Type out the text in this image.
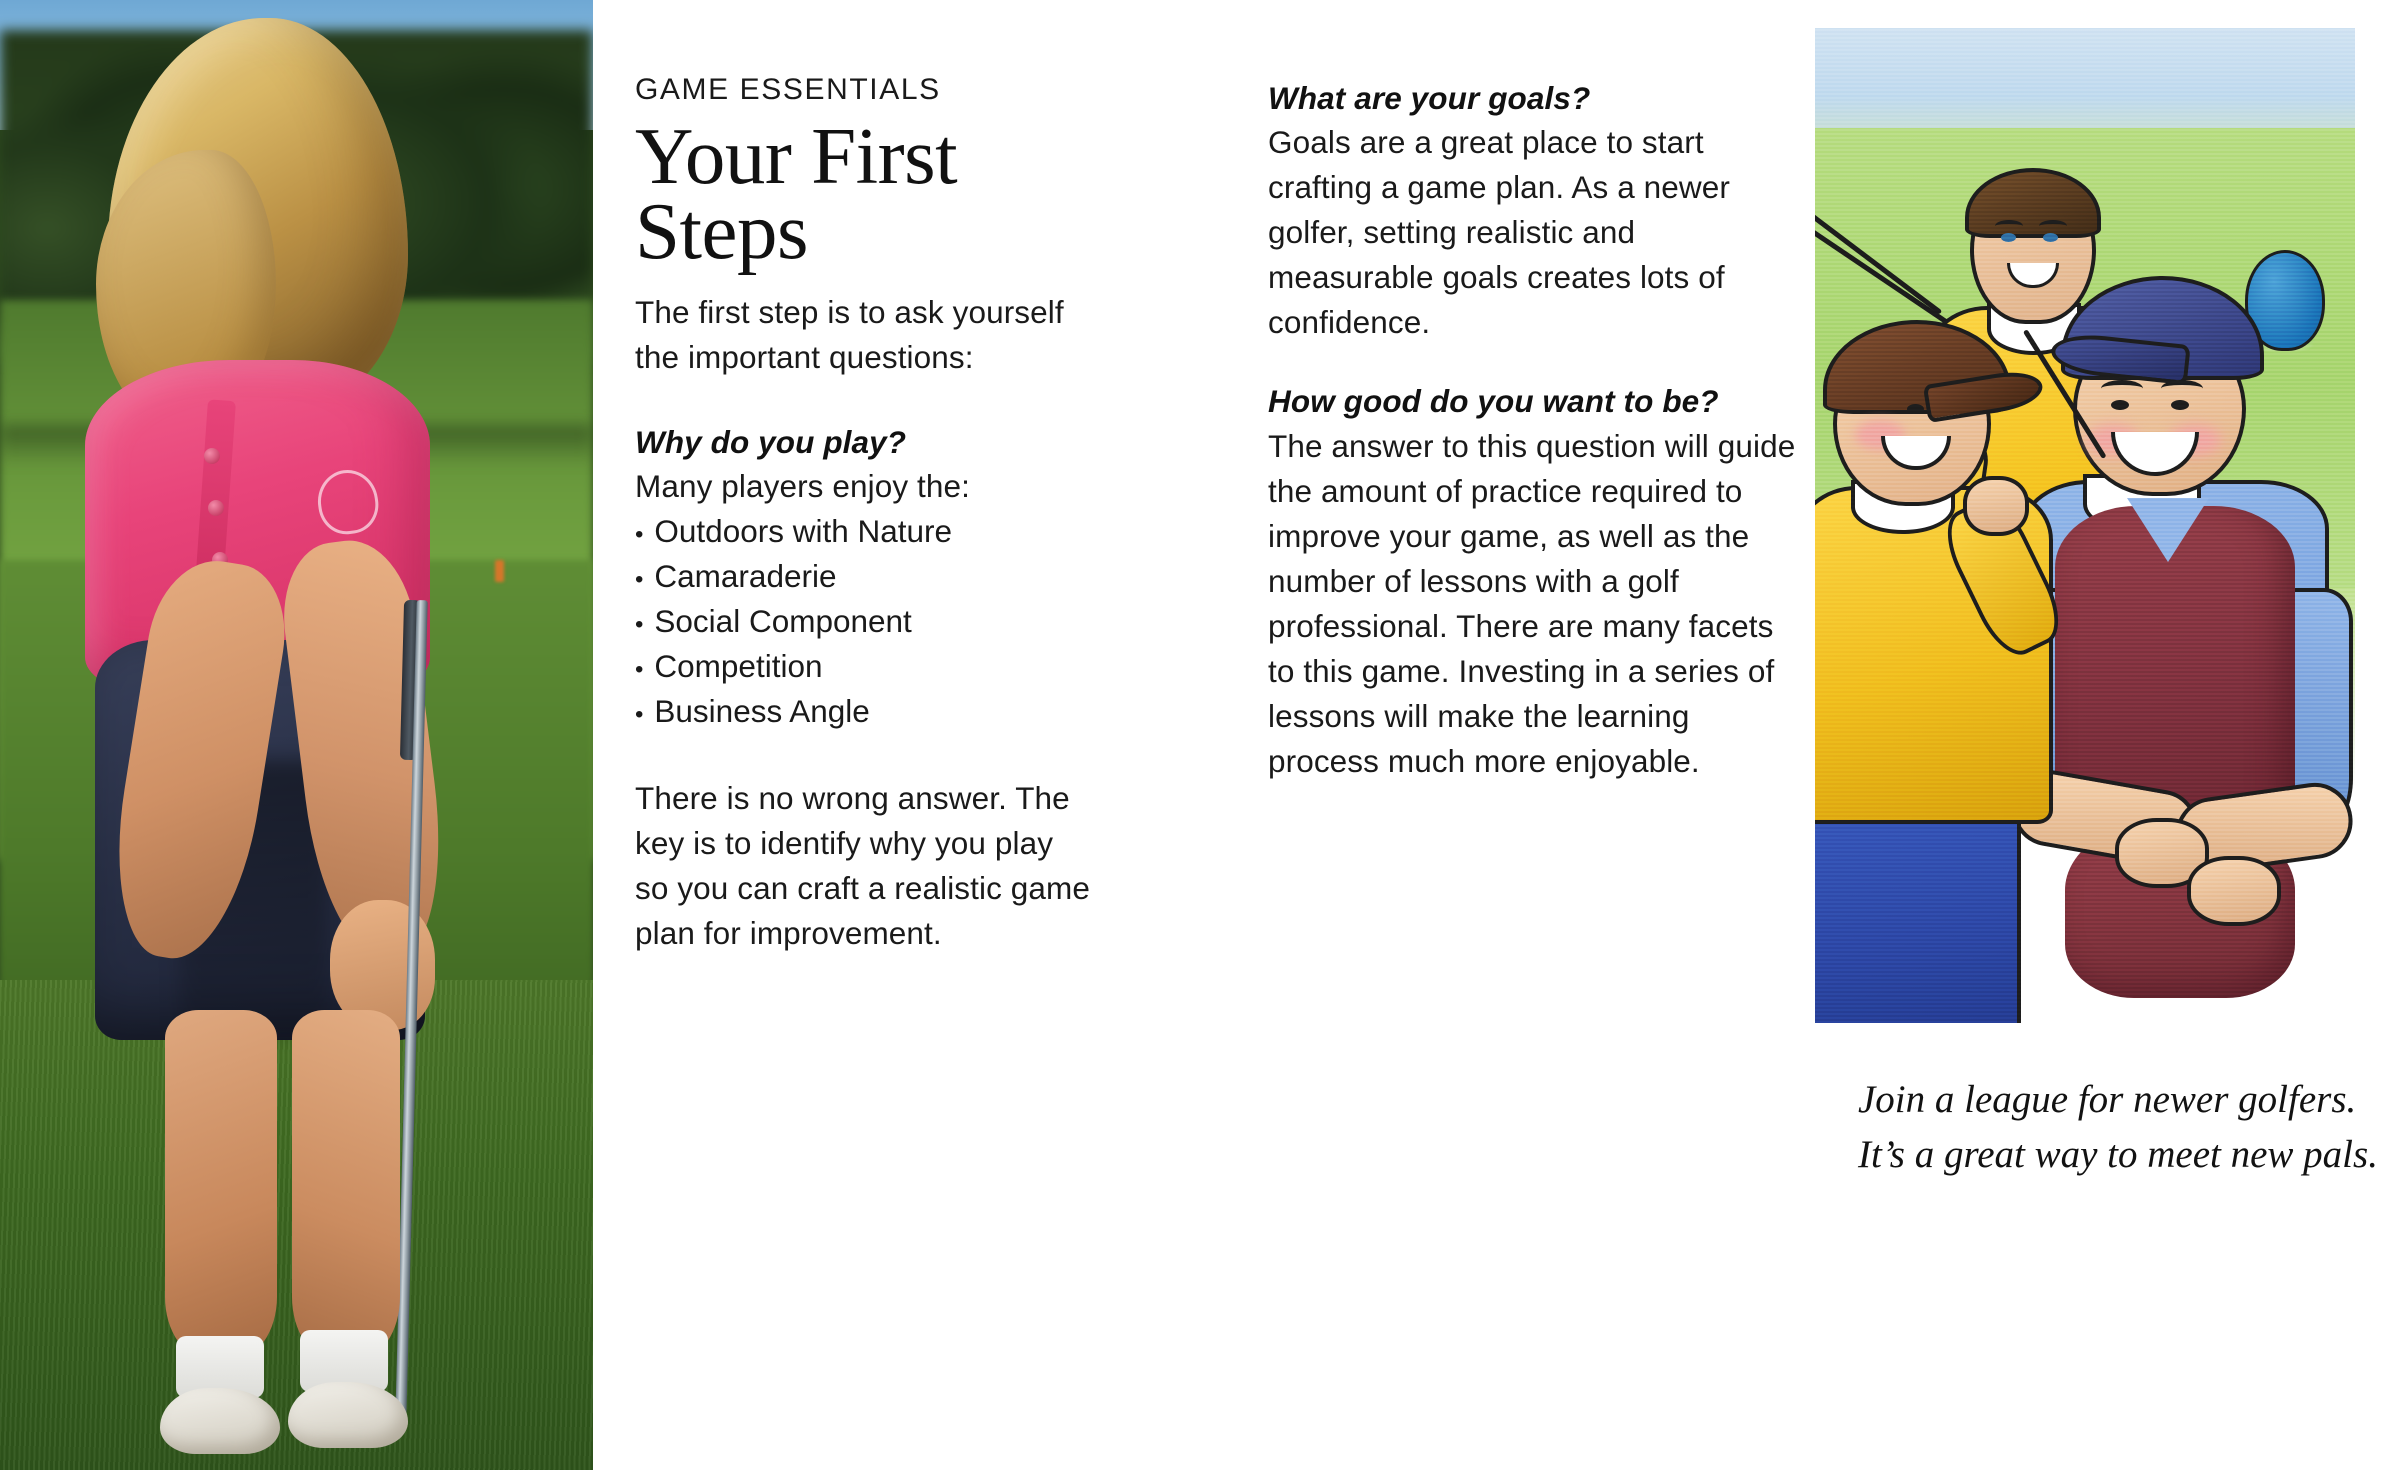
GAME ESSENTIALS
Your First
Steps

The first step is to ask yourself the important questions:

Why do you play?

Many players enjoy the:

• Outdoors with Nature
• Camaraderie
• Social Component
• Competition
• Business Angle

There is no wrong answer. The key is to identify why you play so you can craft a realistic game plan for improvement.

What are your goals?

Goals are a great place to start crafting a game plan. As a newer golfer, setting realistic and measurable goals creates lots of confidence.

How good do you want to be?

The answer to this question will guide the amount of practice required to improve your game, as well as the number of lessons with a golf professional. There are many facets to this game. Investing in a series of lessons will make the learning process much more enjoyable.

Join a league for newer golfers. It’s a great way to meet new pals.
